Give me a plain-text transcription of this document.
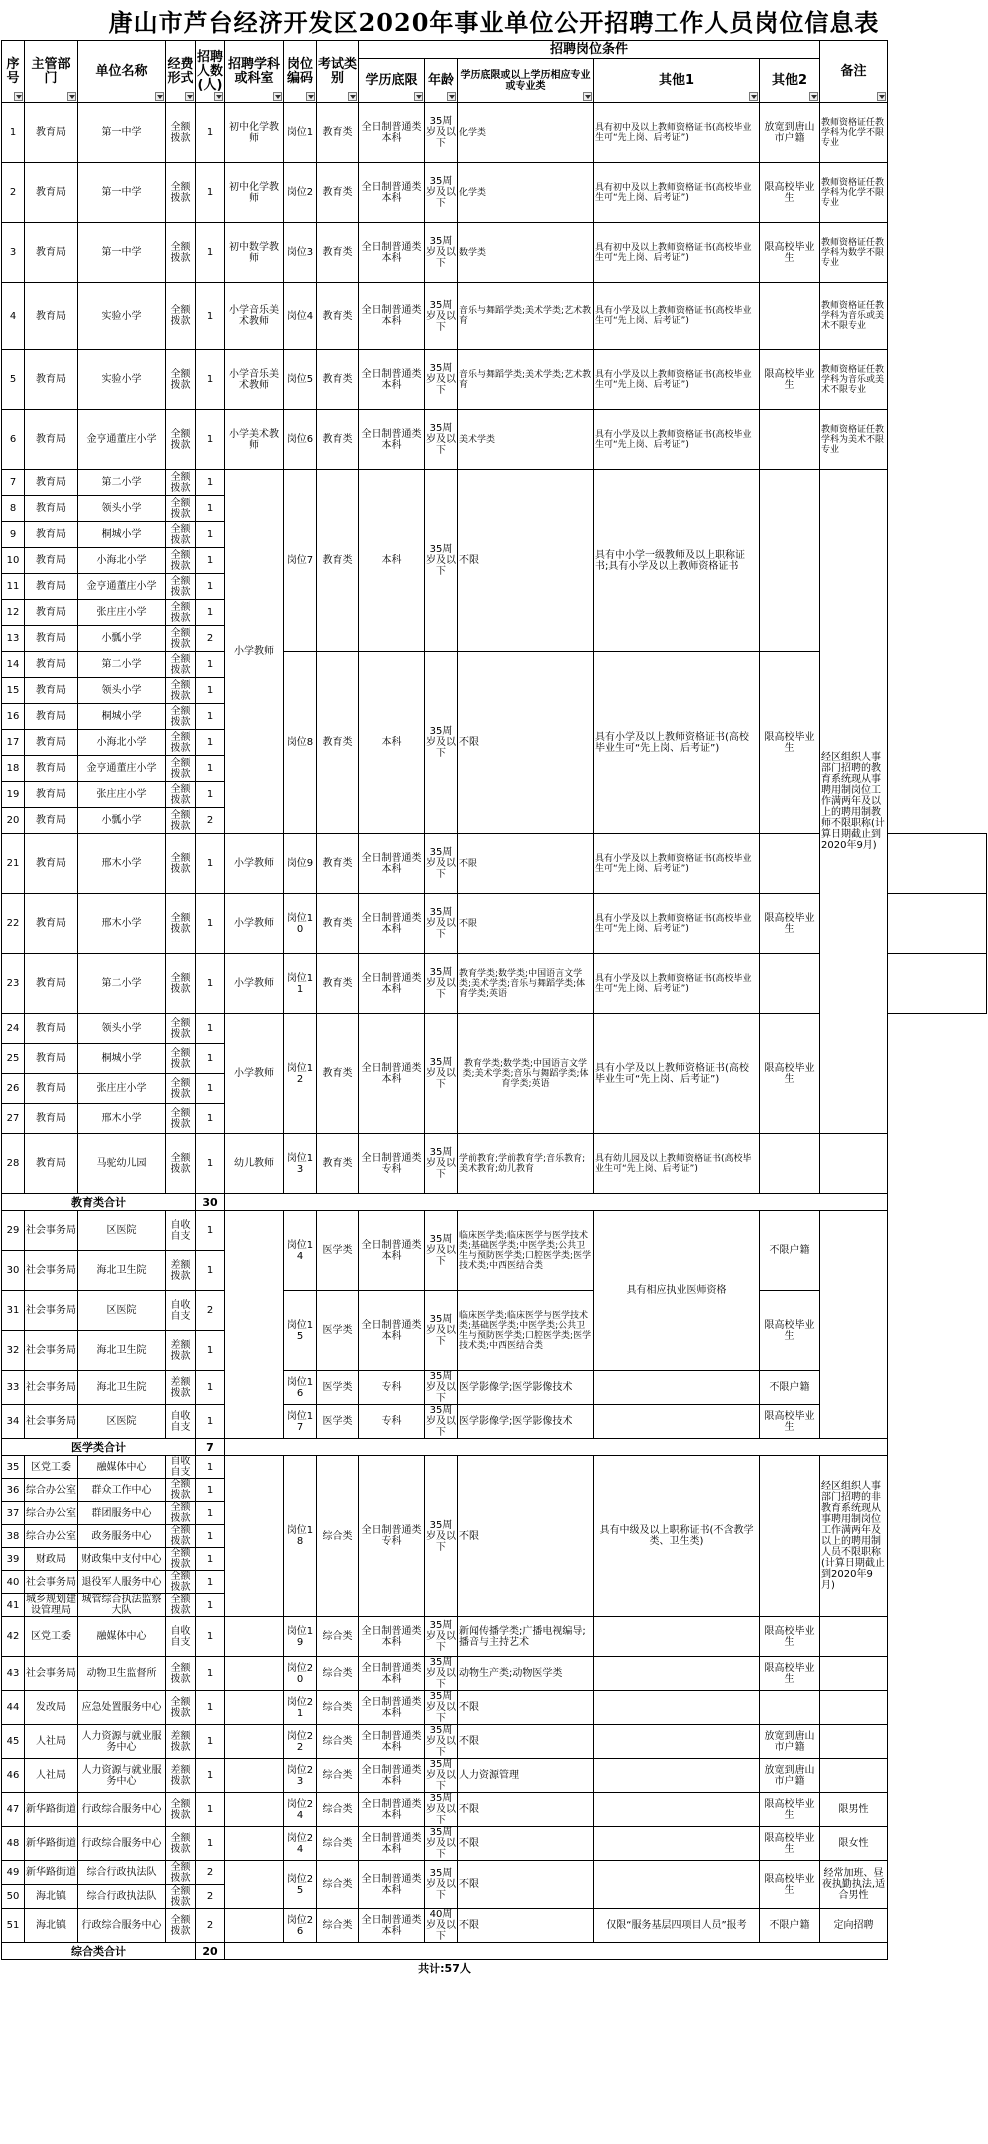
唐山市芦台经济开发区2020年事业单位公开招聘工作人员岗位信息表
序号	主管部门	单位名称	经费形式	招聘人数(人)	招聘学科或科室	岗位编码	考试类别	招聘岗位条件					备注	

								学历底限	年龄	学历底限或以上学历相应专业或专业类	其他1	其他2		

1	教育局	第一中学	全额拨款	1	初中化学教师	岗位1	教育类	全日制普通类本科	35周岁及以下	化学类	具有初中及以上教师资格证书(高校毕业生可“先上岗、后考证”)	放宽到唐山市户籍	教师资格证任教学科为化学不限专业	
2	教育局	第一中学	全额拨款	1	初中化学教师	岗位2	教育类	全日制普通类本科	35周岁及以下	化学类	具有初中及以上教师资格证书(高校毕业生可“先上岗、后考证”)	限高校毕业生	教师资格证任教学科为化学不限专业	
3	教育局	第一中学	全额拨款	1	初中数学教师	岗位3	教育类	全日制普通类本科	35周岁及以下	数学类	具有初中及以上教师资格证书(高校毕业生可“先上岗、后考证”)	限高校毕业生	教师资格证任教学科为数学不限专业	
4	教育局	实验小学	全额拨款	1	小学音乐美术教师	岗位4	教育类	全日制普通类本科	35周岁及以下	音乐与舞蹈学类;美术学类;艺术教育	具有小学及以上教师资格证书(高校毕业生可“先上岗、后考证”)		教师资格证任教学科为音乐或美术不限专业	
5	教育局	实验小学	全额拨款	1	小学音乐美术教师	岗位5	教育类	全日制普通类本科	35周岁及以下	音乐与舞蹈学类;美术学类;艺术教育	具有小学及以上教师资格证书(高校毕业生可“先上岗、后考证”)	限高校毕业生	教师资格证任教学科为音乐或美术不限专业	
6	教育局	金亨通董庄小学	全额拨款	1	小学美术教师	岗位6	教育类	全日制普通类本科	35周岁及以下	美术学类	具有小学及以上教师资格证书(高校毕业生可“先上岗、后考证”)		教师资格证任教学科为美术不限专业	
7	教育局	第二小学	全额拨款	1	小学教师	岗位7	教育类	本科	35周岁及以下	不限	具有中小学一级教师及以上职称证书;具有小学及以上教师资格证书		经区组织人事部门招聘的教育系统现从事聘用制岗位工作满两年及以上的聘用制教师不限职称(计算日期截止到2020年9月)	
8	教育局	领头小学	全额拨款	1										
9	教育局	桐城小学	全额拨款	1										
10	教育局	小海北小学	全额拨款	1										
11	教育局	金亨通董庄小学	全额拨款	1										
12	教育局	张庄庄小学	全额拨款	1										
13	教育局	小瓢小学	全额拨款	2										
14	教育局	第二小学	全额拨款	1		岗位8	教育类	本科	35周岁及以下	不限	具有小学及以上教师资格证书(高校毕业生可“先上岗、后考证”)	限高校毕业生		
15	教育局	领头小学	全额拨款	1										
16	教育局	桐城小学	全额拨款	1										
17	教育局	小海北小学	全额拨款	1										
18	教育局	金亨通董庄小学	全额拨款	1										
19	教育局	张庄庄小学	全额拨款	1										
20	教育局	小瓢小学	全额拨款	2										
21	教育局	邢木小学	全额拨款	1	小学教师	岗位9	教育类	全日制普通类本科	35周岁及以下	不限	具有小学及以上教师资格证书(高校毕业生可“先上岗、后考证”)			
22	教育局	邢木小学	全额拨款	1	小学教师	岗位10	教育类	全日制普通类本科	35周岁及以下	不限	具有小学及以上教师资格证书(高校毕业生可“先上岗、后考证”)	限高校毕业生		
23	教育局	第二小学	全额拨款	1	小学教师	岗位11	教育类	全日制普通类本科	35周岁及以下	教育学类;数学类;中国语言文学类;美术学类;音乐与舞蹈学类;体育学类;英语	具有小学及以上教师资格证书(高校毕业生可“先上岗、后考证”)			
24	教育局	领头小学	全额拨款	1	小学教师	岗位12	教育类	全日制普通类本科	35周岁及以下	教育学类;数学类;中国语言文学类;美术学类;音乐与舞蹈学类;体育学类;英语	具有小学及以上教师资格证书(高校毕业生可“先上岗、后考证”)	限高校毕业生		
25	教育局	桐城小学	全额拨款	1										
26	教育局	张庄庄小学	全额拨款	1										
27	教育局	邢木小学	全额拨款	1										
28	教育局	马驼幼儿园	全额拨款	1	幼儿教师	岗位13	教育类	全日制普通类专科	35周岁及以下	学前教育;学前教育学;音乐教育;美术教育;幼儿教育	具有幼儿园及以上教师资格证书(高校毕业生可“先上岗、后考证”)			
教育类合计				30										
29	社会事务局	区医院	自收自支	1		岗位14	医学类	全日制普通类本科	35周岁及以下	临床医学类;临床医学与医学技术类;基础医学类;中医学类;公共卫生与预防医学类;口腔医学类;医学技术类;中西医结合类	具有相应执业医师资格	不限户籍		
30	社会事务局	海北卫生院	差额拨款	1										
31	社会事务局	区医院	自收自支	2		岗位15	医学类	全日制普通类本科	35周岁及以下	临床医学类;临床医学与医学技术类;基础医学类;中医学类;公共卫生与预防医学类;口腔医学类;医学技术类;中西医结合类		限高校毕业生		
32	社会事务局	海北卫生院	差额拨款	1										
33	社会事务局	海北卫生院	差额拨款	1		岗位16	医学类	专科	35周岁及以下	医学影像学;医学影像技术		不限户籍		
34	社会事务局	区医院	自收自支	1		岗位17	医学类	专科	35周岁及以下	医学影像学;医学影像技术		限高校毕业生		
医学类合计				7										
35	区党工委	融媒体中心	自收自支	1		岗位18	综合类	全日制普通类专科	35周岁及以下	不限	具有中级及以上职称证书(不含教学类、卫生类)		经区组织人事部门招聘的非教育系统现从事聘用制岗位工作满两年及以上的聘用制人员不限职称(计算日期截止到2020年9月)	
36	综合办公室	群众工作中心	全额拨款	1										
37	综合办公室	群团服务中心	全额拨款	1										
38	综合办公室	政务服务中心	全额拨款	1										
39	财政局	财政集中支付中心	全额拨款	1										
40	社会事务局	退役军人服务中心	全额拨款	1										
41	城乡规划建设管理局	城管综合执法监察大队	全额拨款	1										
42	区党工委	融媒体中心	自收自支	1		岗位19	综合类	全日制普通类本科	35周岁及以下	新闻传播学类;广播电视编导;播音与主持艺术		限高校毕业生		
43	社会事务局	动物卫生监督所	全额拨款	1		岗位20	综合类	全日制普通类本科	35周岁及以下	动物生产类;动物医学类		限高校毕业生		
44	发改局	应急处置服务中心	全额拨款	1		岗位21	综合类	全日制普通类本科	35周岁及以下	不限				
45	人社局	人力资源与就业服务中心	差额拨款	1		岗位22	综合类	全日制普通类本科	35周岁及以下	不限		放宽到唐山市户籍		
46	人社局	人力资源与就业服务中心	差额拨款	1		岗位23	综合类	全日制普通类本科	35周岁及以下	人力资源管理		放宽到唐山市户籍		
47	新华路街道	行政综合服务中心	全额拨款	1		岗位24	综合类	全日制普通类本科	35周岁及以下	不限		限高校毕业生	限男性	
48	新华路街道	行政综合服务中心	全额拨款	1		岗位24	综合类	全日制普通类本科	35周岁及以下	不限		限高校毕业生	限女性	
49	新华路街道	综合行政执法队	全额拨款	2		岗位25	综合类	全日制普通类本科	35周岁及以下	不限		限高校毕业生	经常加班、昼夜执勤执法,适合男性	
50	海北镇	综合行政执法队	全额拨款	2										
51	海北镇	行政综合服务中心	全额拨款	2		岗位26	综合类	全日制普通类本科	40周岁及以下	不限	仅限“服务基层四项目人员”报考	不限户籍	定向招聘	
综合类合计				20										
共计:57人														
